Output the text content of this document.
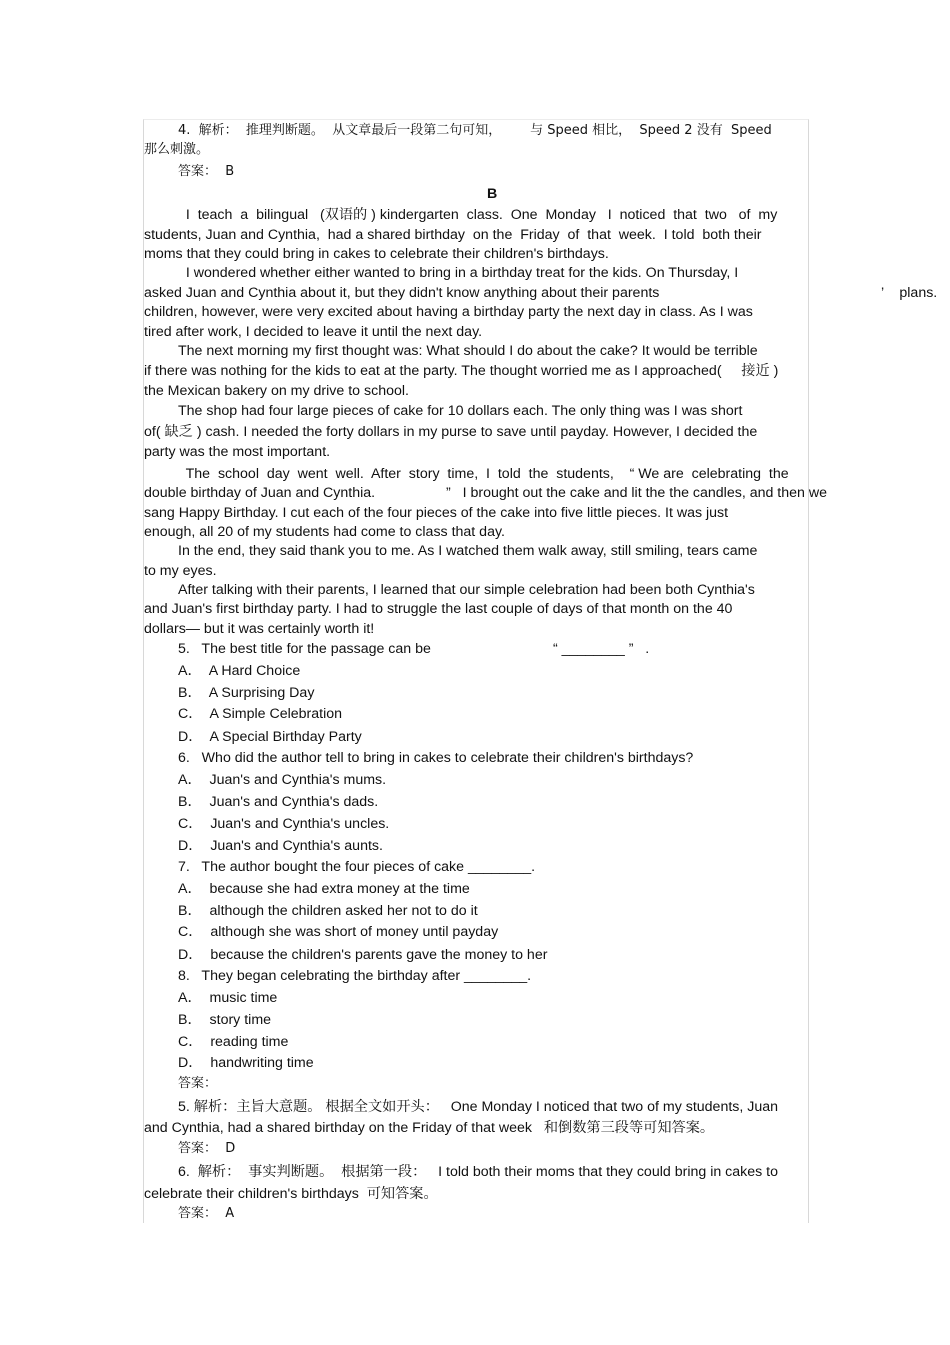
4.  解析：  推理判断题。  从文章最后一段第二句可知，       与 Speed 相比，  Speed 2 没有  Speed
那么刺激。
答案：  B
B
I  teach  a  bilingual   (双语的 ) kindergarten  class.  One  Monday   I  noticed  that  two   of  my
students, Juan and Cynthia,  had a shared birthday  on the  Friday  of  that  week.  I told  both their
moms that they could bring in cakes to celebrate their children's birthdays.
I wondered whether either wanted to bring in a birthday treat for the kids. On Thursday, I
asked Juan and Cynthia about it, but they didn't know anything about their parents	’    plans.
children, however, were very excited about having a birthday party the next day in class. As I was
tired after work, I decided to leave it until the next day.
The next morning my first thought was: What should I do about the cake? It would be terrible
if there was nothing for the kids to eat at the party. The thought worried me as I approached(     接近 )
the Mexican bakery on my drive to school.
The shop had four large pieces of cake for 10 dollars each. The only thing was I was short
of( 缺乏 ) cash. I needed the forty dollars in my purse to save until payday. However, I decided the
party was the most important.
The  school  day  went  well.  After  story  time,  I  told  the  students,    “ We are  celebrating  the
double birthday of Juan and Cynthia.                  ”   I brought out the cake and lit the the candles, and then we
sang Happy Birthday. I cut each of the four pieces of the cake into five little pieces. It was just
enough, all 20 of my students had come to class that day.
In the end, they said thank you to me. As I watched them walk away, still smiling, tears came
to my eyes.
After talking with their parents, I learned that our simple celebration had been both Cynthia's
and Juan's first birthday party. I had to struggle the last couple of days of that month on the 40
dollars— but it was certainly worth it!
5.   The best title for the passage can be	“ ________ ”   .
A．  A Hard Choice
B．  A Surprising Day
C．  A Simple Celebration
D．  A Special Birthday Party
6.   Who did the author tell to bring in cakes to celebrate their children's birthdays?
A．  Juan's and Cynthia's mums.
B．  Juan's and Cynthia's dads.
C．  Juan's and Cynthia's uncles.
D．  Juan's and Cynthia's aunts.
7.   The author bought the four pieces of cake ________.
A．  because she had extra money at the time
B．  although the children asked her not to do it
C．  although she was short of money until payday
D．  because the children's parents gave the money to her
8.   They began celebrating the birthday after ________.
A．  music time
B．  story time
C．  reading time
D．  handwriting time
答案：
5. 解析：主旨大意题。 根据全文如开头：   One Monday I noticed that two of my students, Juan
and Cynthia, had a shared birthday on the Friday of that week   和倒数第三段等可知答案。
答案：  D
6.  解析：  事实判断题。  根据第一段：   I told both their moms that they could bring in cakes to
celebrate their children's birthdays  可知答案。
答案：  A
